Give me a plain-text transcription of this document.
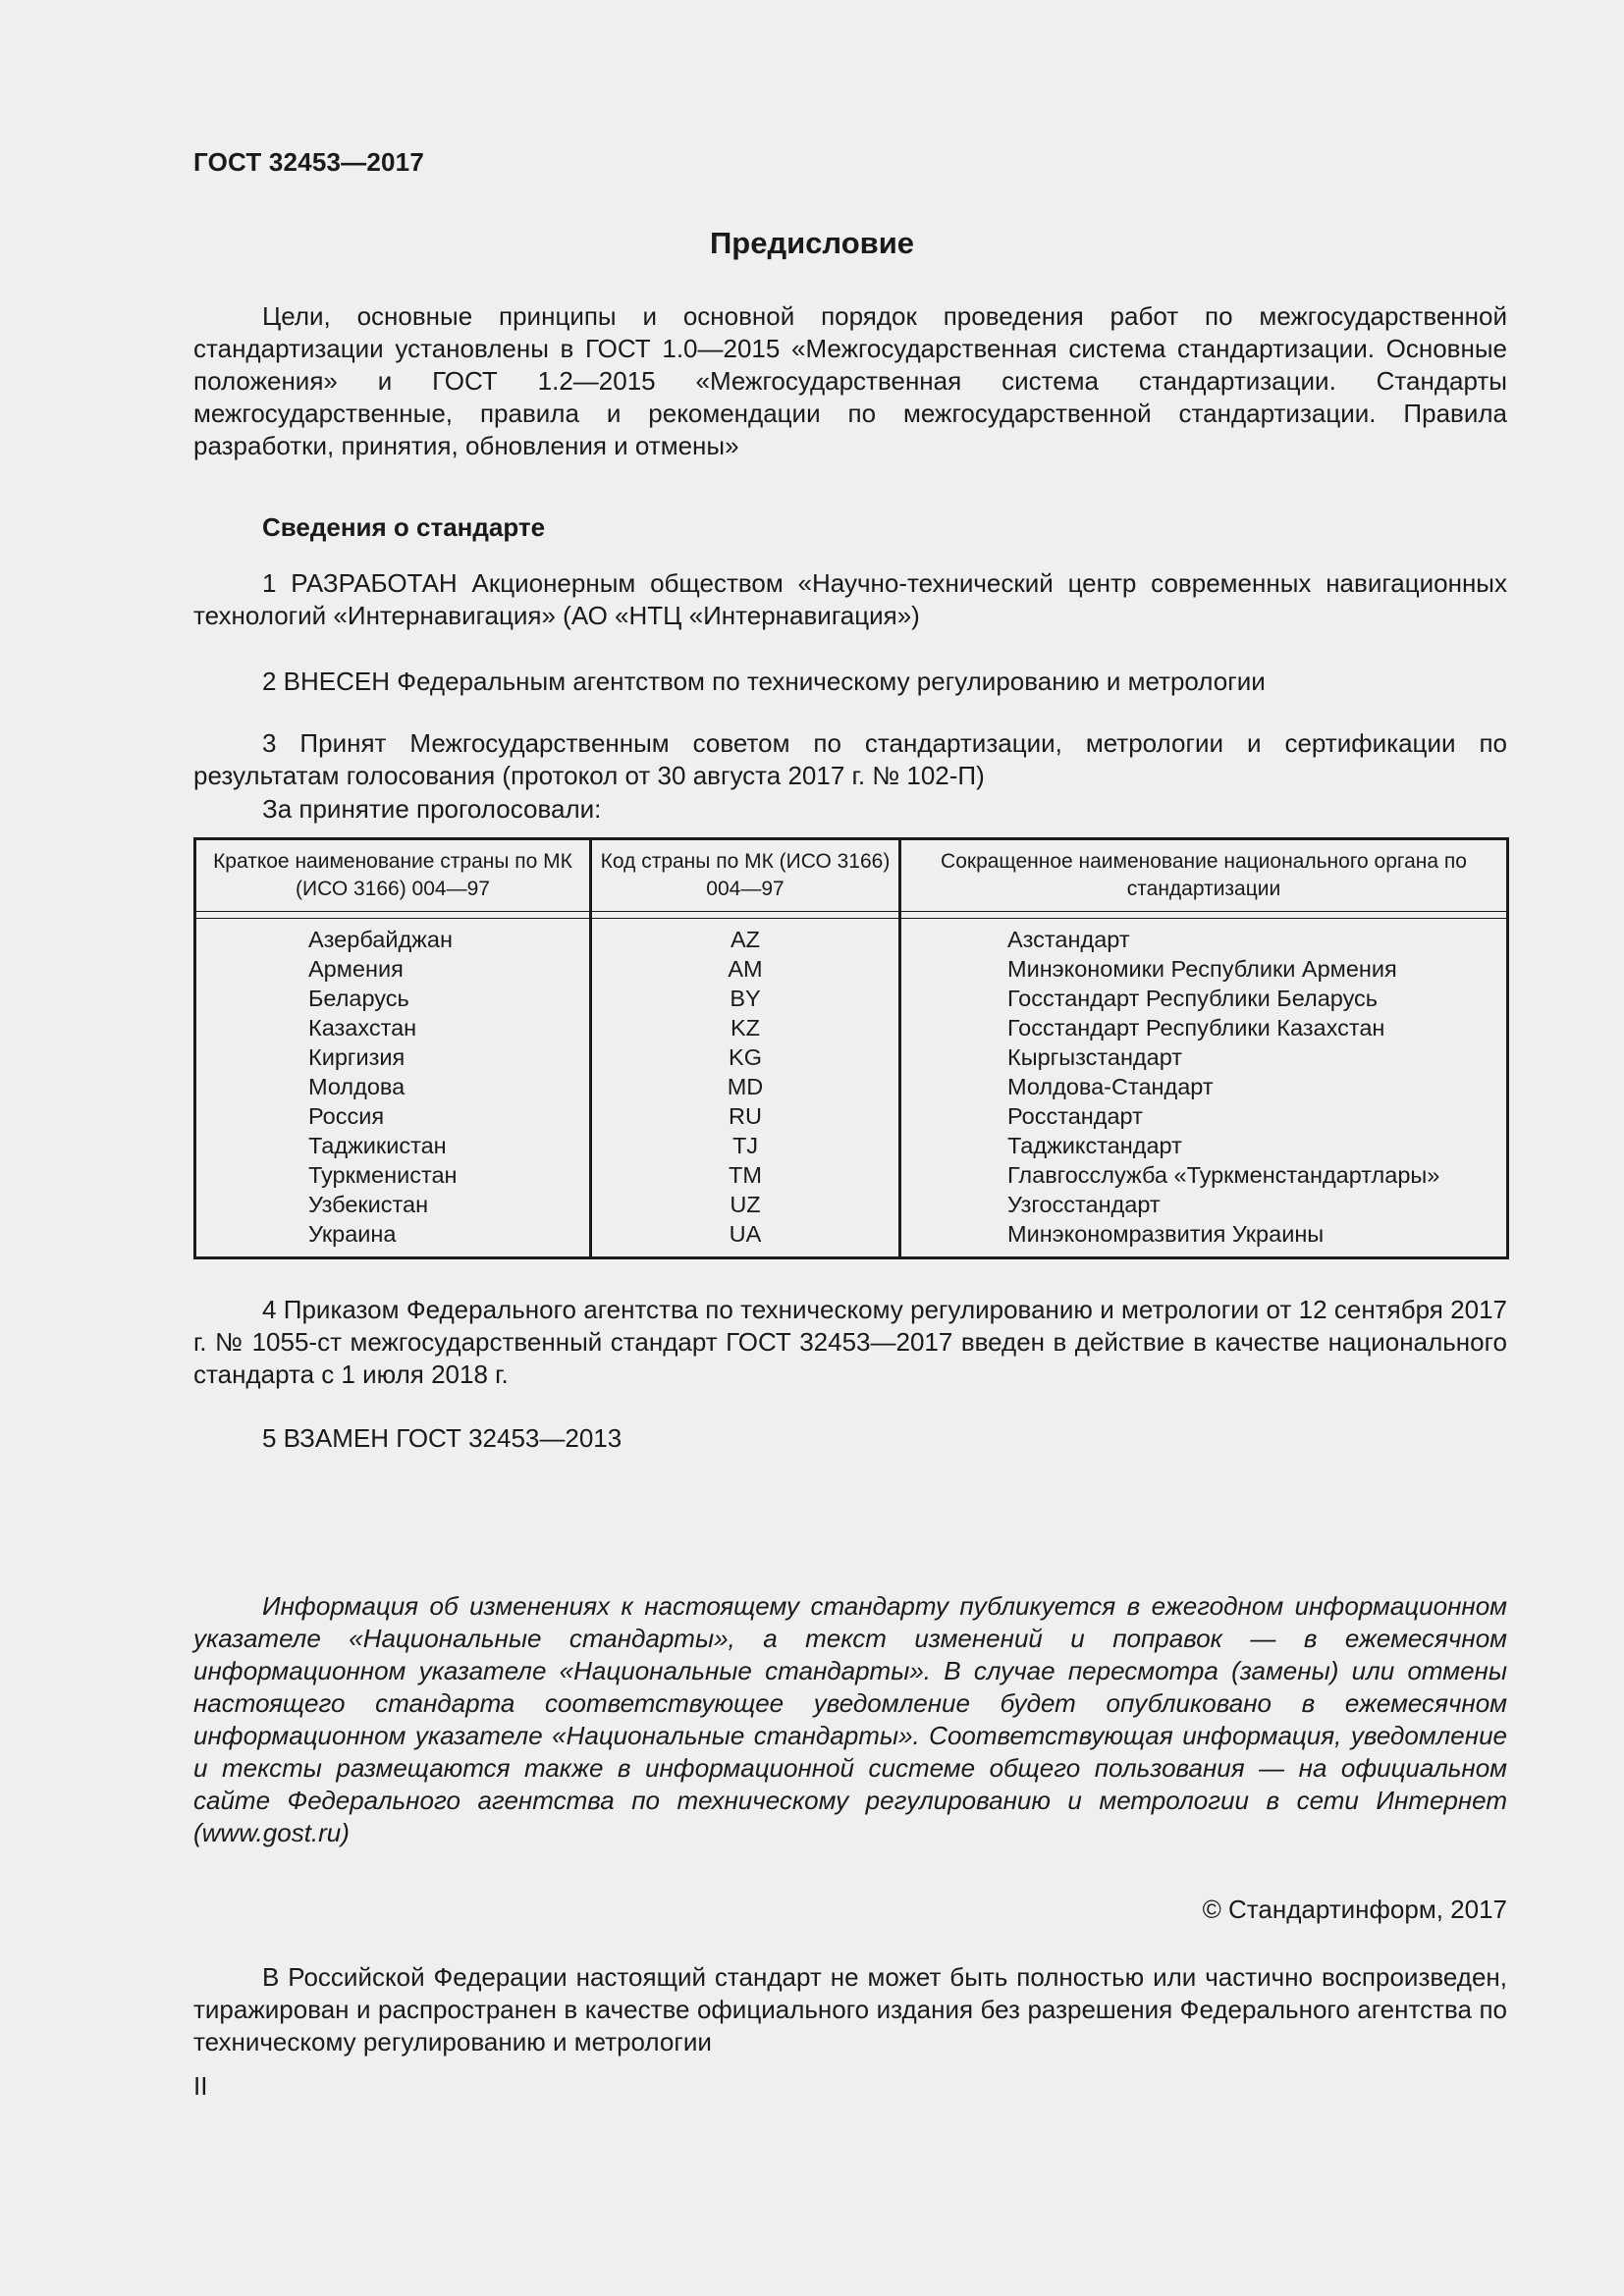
ГОСТ 32453—2017
Предисловие

Цели, основные принципы и основной порядок проведения работ по межгосударственной стандартизации установлены в ГОСТ 1.0—2015 «Межгосударственная система стандартизации. Основные положения» и ГОСТ 1.2—2015 «Межгосударственная система стандартизации. Стандарты межгосударственные, правила и рекомендации по межгосударственной стандартизации. Правила разработки, принятия, обновления и отмены»

Сведения о стандарте

1 РАЗРАБОТАН Акционерным обществом «Научно-технический центр современных навигационных технологий «Интернавигация» (АО «НТЦ «Интернавигация»)

2 ВНЕСЕН Федеральным агентством по техническому регулированию и метрологии

3 Принят Межгосударственным советом по стандартизации, метрологии и сертификации по результатам голосования (протокол от 30 августа 2017 г. № 102-П)

За принятие проголосовали:
Краткое наименование страны по МК (ИСО 3166) 004—97	Код страны по МК (ИСО 3166) 004—97	Сокращенное наименование национального органа по стандартизации

Азербайджан	AZ	Азстандарт
Армения	AM	Минэкономики Республики Армения
Беларусь	BY	Госстандарт Республики Беларусь
Казахстан	KZ	Госстандарт Республики Казахстан
Киргизия	KG	Кыргызстандарт
Молдова	MD	Молдова-Стандарт
Россия	RU	Росстандарт
Таджикистан	TJ	Таджикстандарт
Туркменистан	TM	Главгосслужба «Туркменстандартлары»
Узбекистан	UZ	Узгосстандарт
Украина	UA	Минэкономразвития Украины

4 Приказом Федерального агентства по техническому регулированию и метрологии от 12 сентября 2017 г. № 1055-ст межгосударственный стандарт ГОСТ 32453—2017 введен в действие в качестве национального стандарта с 1 июля 2018 г.

5 ВЗАМЕН ГОСТ 32453—2013

Информация об изменениях к настоящему стандарту публикуется в ежегодном информационном указателе «Национальные стандарты», а текст изменений и поправок — в ежемесячном информационном указателе «Национальные стандарты». В случае пересмотра (замены) или отмены настоящего стандарта соответствующее уведомление будет опубликовано в ежемесячном информационном указателе «Национальные стандарты». Соответствующая информация, уведомление и тексты размещаются также в информационной системе общего пользования — на официальном сайте Федерального агентства по техническому регулированию и метрологии в сети Интернет (www.gost.ru)

© Стандартинформ, 2017

В Российской Федерации настоящий стандарт не может быть полностью или частично воспроизведен, тиражирован и распространен в качестве официального издания без разрешения Федерального агентства по техническому регулированию и метрологии

II
